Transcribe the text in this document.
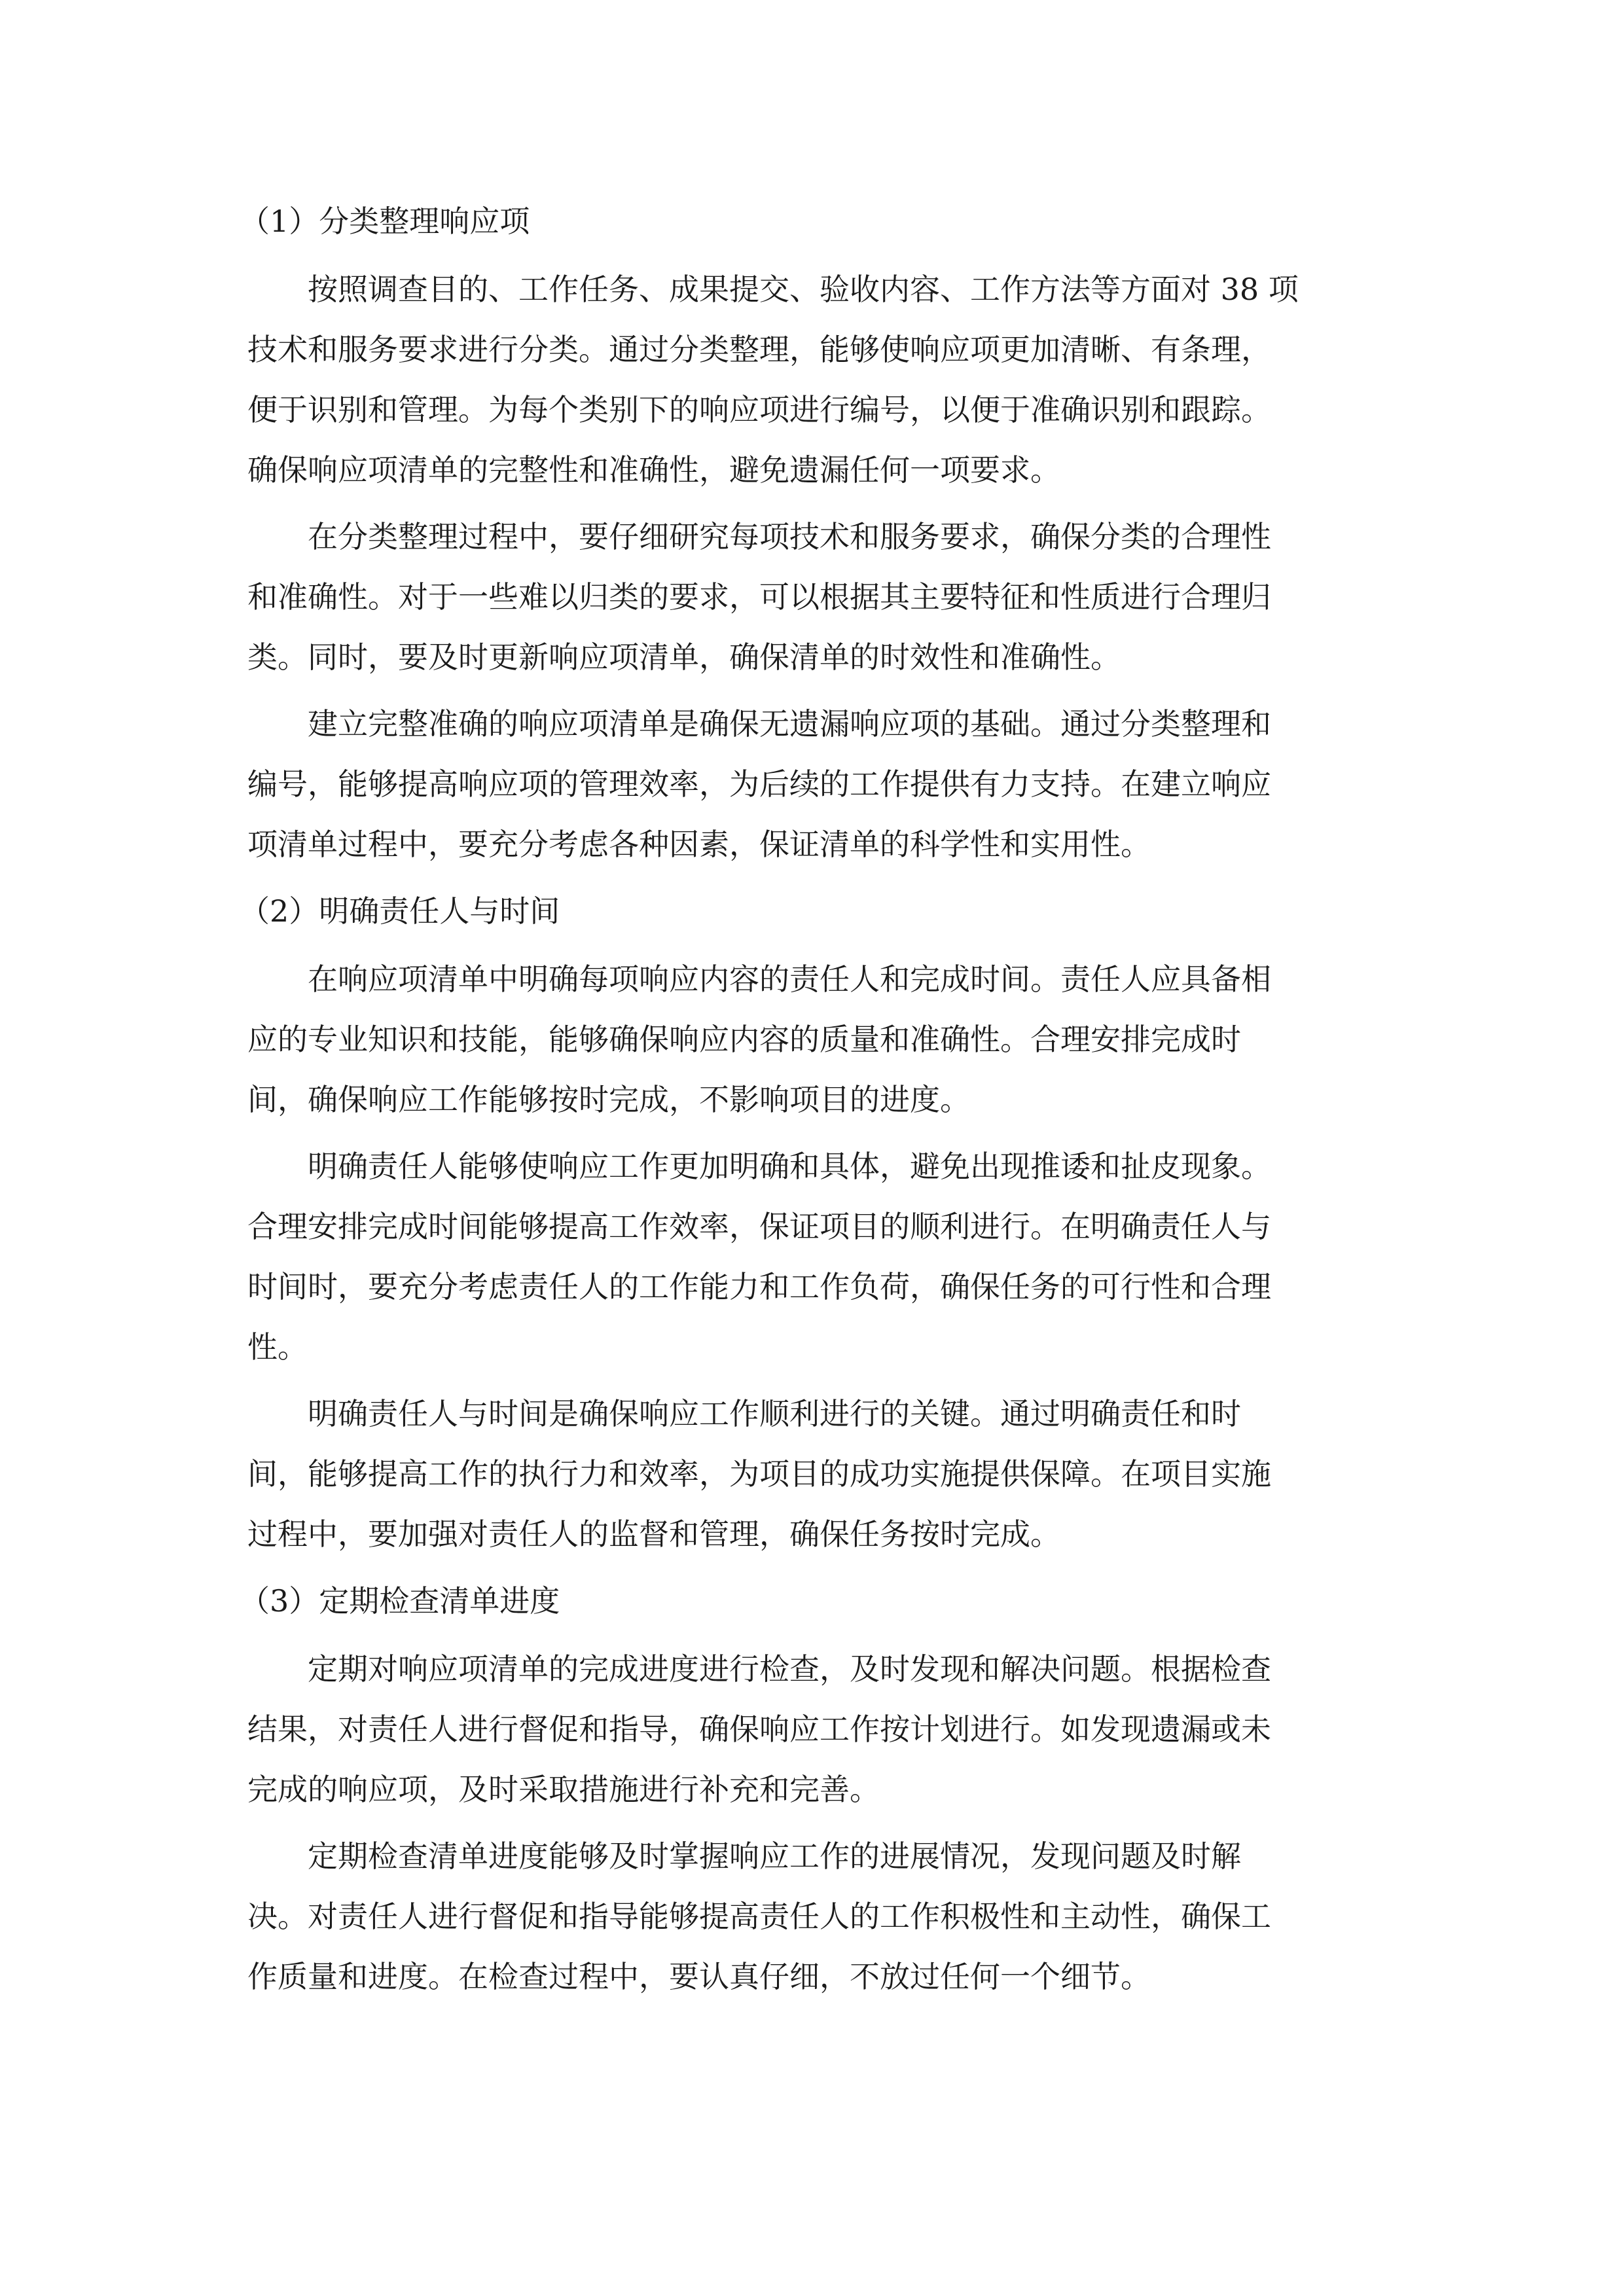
（1）分类整理响应项
按照调查目的、工作任务、成果提交、验收内容、工作方法等方面对 38 项
技术和服务要求进行分类。通过分类整理，能够使响应项更加清晰、有条理，
便于识别和管理。为每个类别下的响应项进行编号，以便于准确识别和跟踪。
确保响应项清单的完整性和准确性，避免遗漏任何一项要求。
在分类整理过程中，要仔细研究每项技术和服务要求，确保分类的合理性
和准确性。对于一些难以归类的要求，可以根据其主要特征和性质进行合理归
类。同时，要及时更新响应项清单，确保清单的时效性和准确性。
建立完整准确的响应项清单是确保无遗漏响应项的基础。通过分类整理和
编号，能够提高响应项的管理效率，为后续的工作提供有力支持。在建立响应
项清单过程中，要充分考虑各种因素，保证清单的科学性和实用性。
（2）明确责任人与时间
在响应项清单中明确每项响应内容的责任人和完成时间。责任人应具备相
应的专业知识和技能，能够确保响应内容的质量和准确性。合理安排完成时
间，确保响应工作能够按时完成，不影响项目的进度。
明确责任人能够使响应工作更加明确和具体，避免出现推诿和扯皮现象。
合理安排完成时间能够提高工作效率，保证项目的顺利进行。在明确责任人与
时间时，要充分考虑责任人的工作能力和工作负荷，确保任务的可行性和合理
性。
明确责任人与时间是确保响应工作顺利进行的关键。通过明确责任和时
间，能够提高工作的执行力和效率，为项目的成功实施提供保障。在项目实施
过程中，要加强对责任人的监督和管理，确保任务按时完成。
（3）定期检查清单进度
定期对响应项清单的完成进度进行检查，及时发现和解决问题。根据检查
结果，对责任人进行督促和指导，确保响应工作按计划进行。如发现遗漏或未
完成的响应项，及时采取措施进行补充和完善。
定期检查清单进度能够及时掌握响应工作的进展情况，发现问题及时解
决。对责任人进行督促和指导能够提高责任人的工作积极性和主动性，确保工
作质量和进度。在检查过程中，要认真仔细，不放过任何一个细节。
